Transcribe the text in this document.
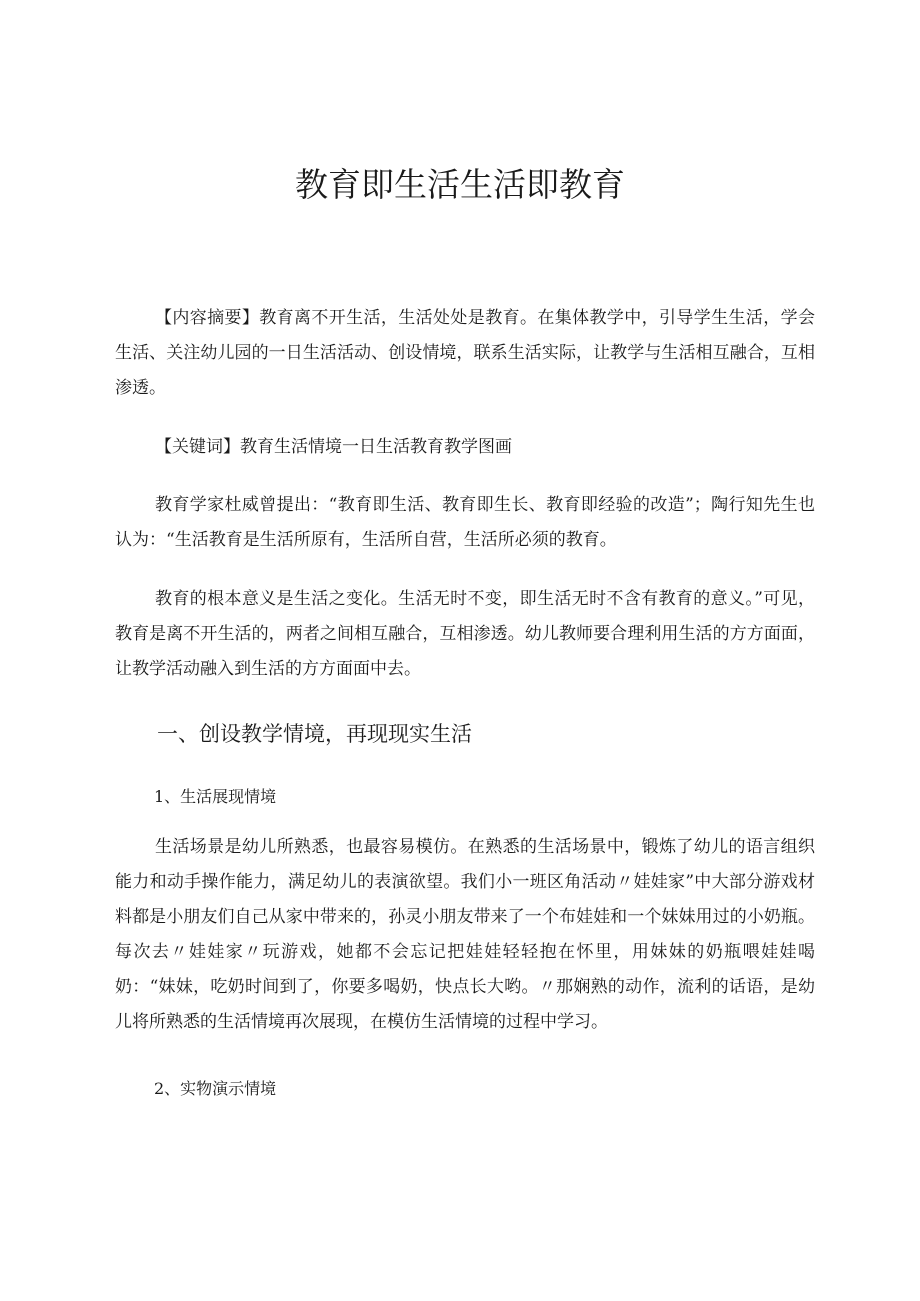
教育即生活生活即教育

【内容摘要】教育离不开生活，生活处处是教育。在集体教学中，引导学生生活，学会生活、关注幼儿园的一日生活活动、创设情境，联系生活实际，让教学与生活相互融合，互相渗透。

【关键词】教育生活情境一日生活教育教学图画

教育学家杜威曾提出：“教育即生活、教育即生长、教育即经验的改造”；陶行知先生也认为：“生活教育是生活所原有，生活所自营，生活所必须的教育。

教育的根本意义是生活之变化。生活无时不变，即生活无时不含有教育的意义。”可见，教育是离不开生活的，两者之间相互融合，互相渗透。幼儿教师要合理利用生活的方方面面，让教学活动融入到生活的方方面面中去。

一、创设教学情境，再现现实生活
1、生活展现情境

生活场景是幼儿所熟悉，也最容易模仿。在熟悉的生活场景中，锻炼了幼儿的语言组织能力和动手操作能力，满足幼儿的表演欲望。我们小一班区角活动〃娃娃家”中大部分游戏材料都是小朋友们自己从家中带来的，孙灵小朋友带来了一个布娃娃和一个妹妹用过的小奶瓶。每次去〃娃娃家〃玩游戏，她都不会忘记把娃娃轻轻抱在怀里，用妹妹的奶瓶喂娃娃喝奶：“妹妹，吃奶时间到了，你要多喝奶，快点长大哟。〃那娴熟的动作，流利的话语，是幼儿将所熟悉的生活情境再次展现，在模仿生活情境的过程中学习。

2、实物演示情境
